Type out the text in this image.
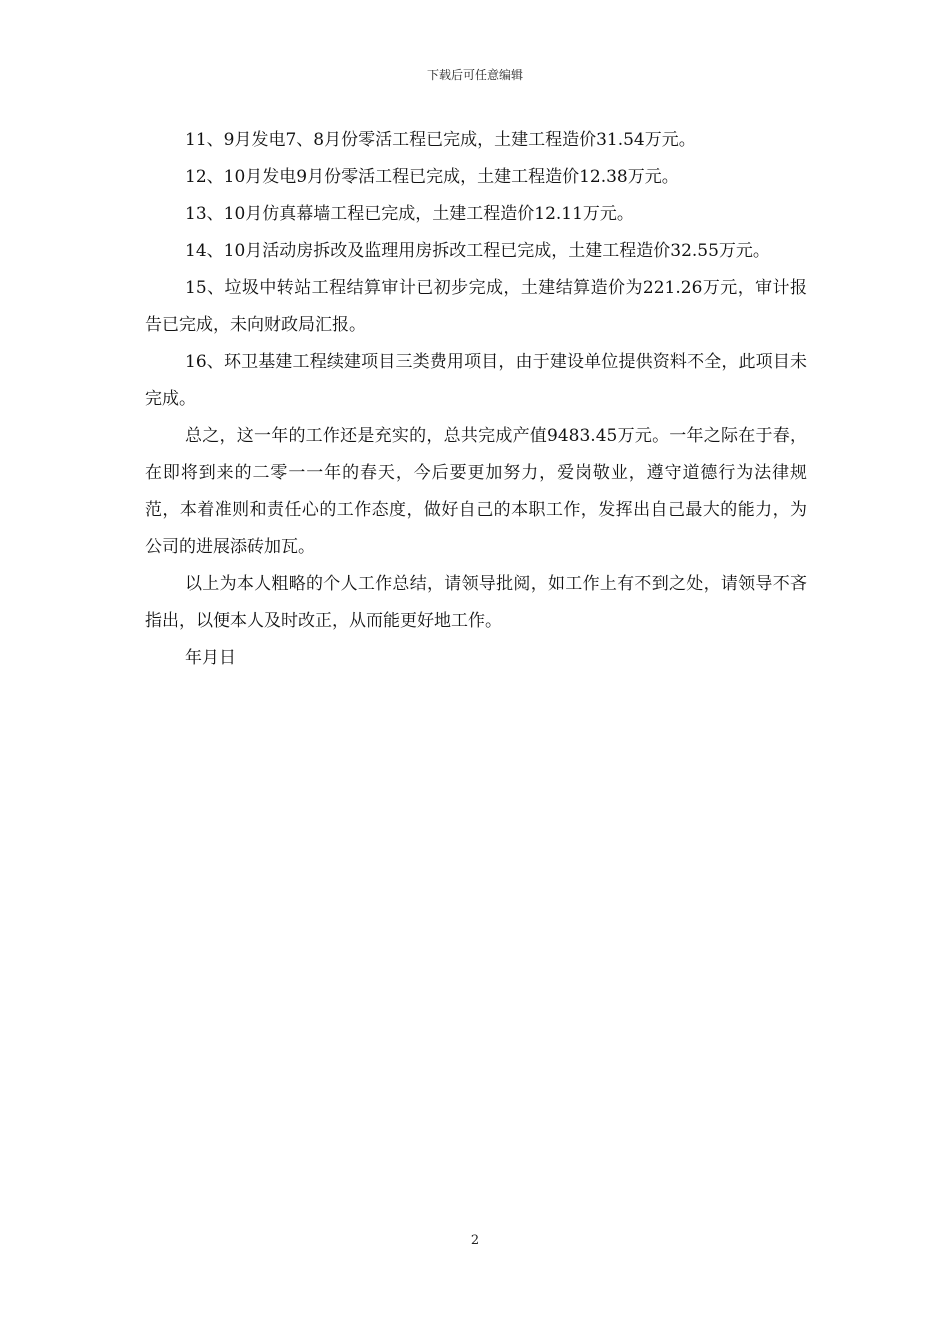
下载后可任意编辑

11、9月发电7、8月份零活工程已完成，土建工程造价31.54万元。

12、10月发电9月份零活工程已完成，土建工程造价12.38万元。

13、10月仿真幕墙工程已完成，土建工程造价12.11万元。

14、10月活动房拆改及监理用房拆改工程已完成，土建工程造价32.55万元。

15、垃圾中转站工程结算审计已初步完成，土建结算造价为221.26万元，审计报告已完成，未向财政局汇报。

16、环卫基建工程续建项目三类费用项目，由于建设单位提供资料不全，此项目未完成。

总之，这一年的工作还是充实的，总共完成产值9483.45万元。一年之际在于春，在即将到来的二零一一年的春天，今后要更加努力，爱岗敬业，遵守道德行为法律规范，本着准则和责任心的工作态度，做好自己的本职工作，发挥出自己最大的能力，为公司的进展添砖加瓦。

以上为本人粗略的个人工作总结，请领导批阅，如工作上有不到之处，请领导不吝指出，以便本人及时改正，从而能更好地工作。

年月日

2
